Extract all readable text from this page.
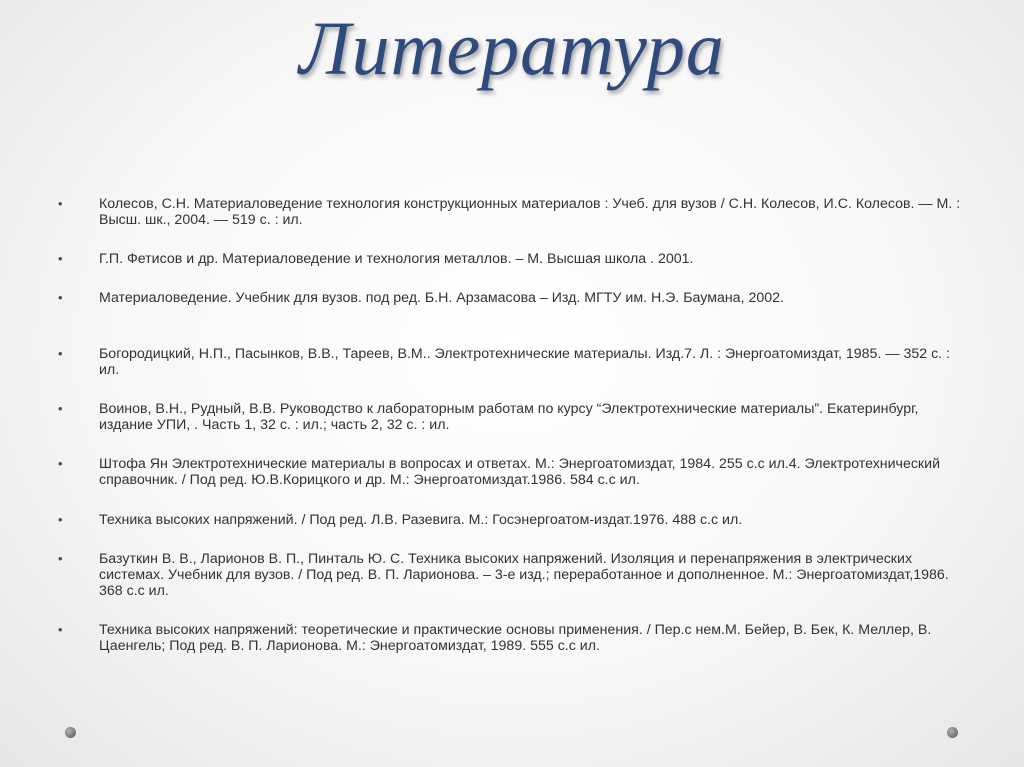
Литература
•	Колесов, С.Н. Материаловедение технология конструкционных материалов : Учеб. для вузов / С.Н. Колесов, И.С. Колесов. — М. : Высш. шк., 2004. — 519 с. : ил.
•	Г.П. Фетисов и др. Материаловедение и технология металлов. – М. Высшая школа . 2001.
•	Материаловедение. Учебник для вузов. под ред. Б.Н. Арзамасова – Изд. МГТУ им. Н.Э. Баумана, 2002.
•	Богородицкий, Н.П., Пасынков, В.В., Тареев, В.М.. Электротехнические материалы. Изд.7. Л. : Энергоатомиздат, 1985. — 352 с. : ил.
•	Воинов, В.Н., Рудный, В.В. Руководство к лабораторным работам по курсу “Электротехнические материалы”. Екатеринбург, издание УПИ, . Часть 1, 32 с. : ил.; часть 2, 32 с. : ил.
•	Штофа Ян Электротехнические материалы в вопросах и ответах. М.: Энергоатомиздат, 1984. 255 с.с ил.4. Электротехнический справочник. / Под ред. Ю.В.Корицкого и др. М.: Энергоатомиздат.1986. 584 с.с ил.
•	Техника высоких напряжений. / Под ред. Л.В. Разевига. М.: Госэнергоатом-издат.1976. 488 с.с ил.
•	Базуткин В. В., Ларионов В. П., Пинталь Ю. С. Техника высоких напряжений. Изоляция и перенапряжения в электрических системах. Учебник для вузов. / Под ред. В. П. Ларионова. – 3-е изд.; переработанное и дополненное. М.: Энергоатомиздат,1986. 368 с.с ил.
•	Техника высоких напряжений: теоретические и практические основы применения. / Пер.с нем.М. Бейер, В. Бек, К. Меллер, В. Цаенгель; Под ред. В. П. Ларионова. М.: Энергоатомиздат, 1989. 555 с.с ил.
